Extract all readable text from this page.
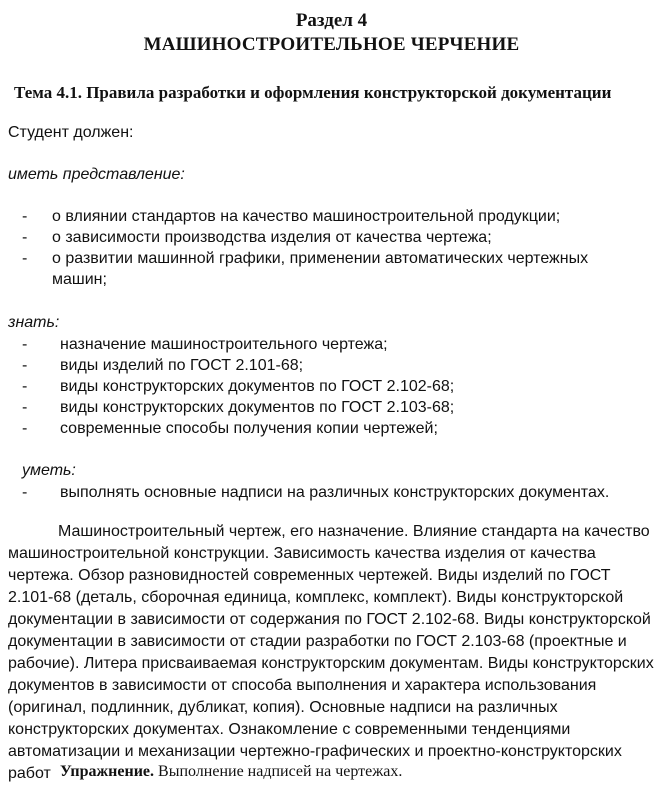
Раздел 4
МАШИНОСТРОИТЕЛЬНОЕ ЧЕРЧЕНИЕ
Тема 4.1. Правила разработки и оформления конструкторской документации
Студент должен:
иметь представление:
-	о влиянии стандартов на качество машиностроительной продукции;
-	о зависимости производства изделия от качества чертежа;
-	о развитии машинной графики, применении автоматических чертежных машин;
знать:
-	назначение машиностроительного чертежа;
-	виды изделий по ГОСТ 2.101-68;
-	виды конструкторских документов по ГОСТ 2.102-68;
-	виды конструкторских документов по ГОСТ 2.103-68;
-	современные способы получения копии чертежей;
уметь:
-	выполнять основные надписи на различных конструкторских документах.

Машиностроительный чертеж, его назначение. Влияние стандарта на качество машиностроительной конструкции. Зависимость качества изделия от качества чертежа. Обзор разновидностей современных чертежей. Виды изделий по ГОСТ 2.101-68 (деталь, сборочная единица, комплекс, комплект). Виды конструкторской документации в зависимости от содержания по ГОСТ 2.102-68. Виды конструкторской документации в зависимости от стадии разработки по ГОСТ 2.103-68 (проектные и рабочие). Литера присваиваемая конструкторским документам. Виды конструкторских документов в зависимости от способа выполнения и характера использования (оригинал, подлинник, дубликат, копия). Основные надписи на различных конструкторских документах. Ознакомление с современными тенденциями автоматизации и механизации чертежно-графических и проектно-конструкторских работ Упражнение. Выполнение надписей на чертежах.
